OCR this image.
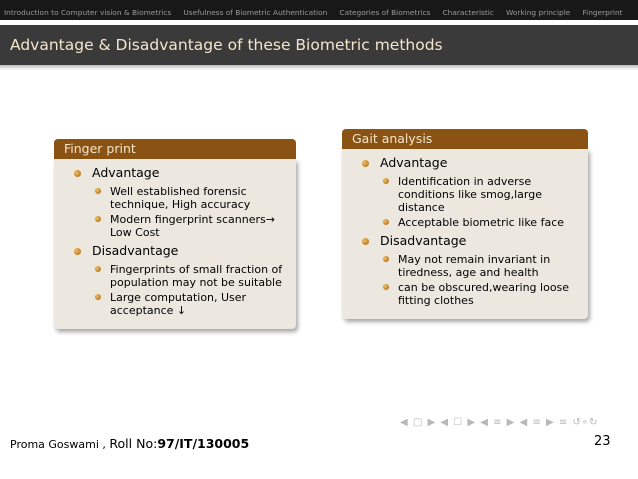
Introduction to Computer vision & Biometrics Usefulness of Biometric Authentication Categories of Biometrics Characteristic Working principle Fingerprint
Advantage & Disadvantage of these Biometric methods
Finger print
Advantage
Well established forensic technique, High accuracy
Modern fingerprint scanners→ Low Cost
Disadvantage
Fingerprints of small fraction of population may not be suitable
Large computation, User acceptance ↓
Gait analysis
Advantage
Identification in adverse conditions like smog,large distance
Acceptable biometric like face
Disadvantage
May not remain invariant in tiredness, age and health
can be obscured,wearing loose fitting clothes
◀ □ ▶ ◀ ☐ ▶ ◀ ≡ ▶ ◀ ≡ ▶ ≡ ↺∘↻
Proma Goswami , Roll No:97/IT/130005	23
